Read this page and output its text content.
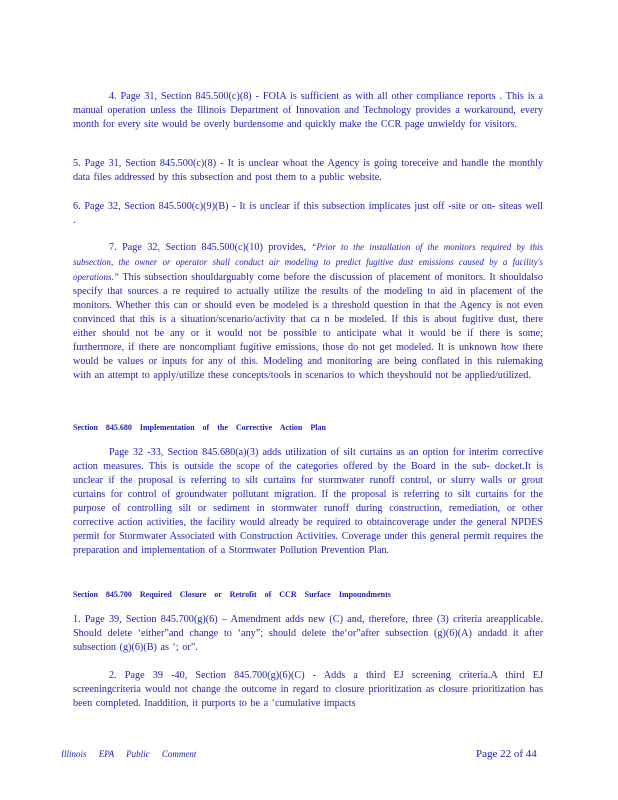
4. Page 31, Section 845.500(c)(8) - FOIA is sufficient as with all other compliance reports . This is a manual operation unless the Illinois Department of Innovation and Technology provides a workaround, every month for every site would be overly burdensome and quickly make the CCR page unwieldy for visitors.
5. Page 31, Section 845.500(c)(8) - It is unclear whoat the Agency is going toreceive and handle the monthly data files addressed by this subsection and post them to a public website.
6. Page 32, Section 845.500(c)(9)(B) - It is unclear if this subsection implicates just off -site or on- siteas well .
7. Page 32, Section 845.500(c)(10) provides, “Prior to the installation of the monitors required by this subsection, the owner or operator shall conduct air modeling to predict fugitive dust emissions caused by a facility's operations.” This subsection shouldarguably come before the discussion of placement of monitors. It shouldalso specify that sources a re required to actually utilize the results of the modeling to aid in placement of the monitors. Whether this can or should even be modeled is a threshold question in that the Agency is not even convinced that this is a situation/scenario/activity that ca n be modeled. If this is about fugitive dust, there either should not be any or it would not be possible to anticipate what it would be if there is some; furthermore, if there are noncompliant fugitive emissions, those do not get modeled. It is unknown how there would be values or inputs for any of this. Modeling and monitoring are being conflated in this rulemaking with an attempt to apply/utilize these concepts/tools in scenarios to which theyshould not be applied/utilized.
Section 845.680 Implementation of the Corrective Action Plan
Page 32 -33, Section 845.680(a)(3) adds utilization of silt curtains as an option for interim corrective action measures. This is outside the scope of the categories offered by the Board in the sub- docket.It is unclear if the proposal is referring to silt curtains for stormwater runoff control, or slurry walls or grout curtains for control of groundwater pollutant migration. If the proposal is referring to silt curtains for the purpose of controlling silt or sediment in stormwater runoff during construction, remediation, or other corrective action activities, the facility would already be required to obtaincoverage under the general NPDES permit for Stormwater Associated with Construction Activities. Coverage under this general permit requires the preparation and implementation of a Stormwater Pollution Prevention Plan.
Section 845.700 Required Closure or Retrofit of CCR Surface Impoundments
1. Page 39, Section 845.700(g)(6) – Amendment adds new (C) and, therefore, three (3) criteria areapplicable. Should delete ‘either”and change to ‘any”; should delete the‘or”after subsection (g)(6)(A) andadd it after subsection (g)(6)(B) as ‘; or”.
2. Page 39 -40, Section 845.700(g)(6)(C) - Adds a third EJ screening criteria.A third EJ screeningcriteria would not change the outcome in regard to closure prioritization as closure prioritization has been completed. Inaddition, it purports to be a ‘cumulative impacts
Illinois EPA Public Comment	Page 22 of 44
